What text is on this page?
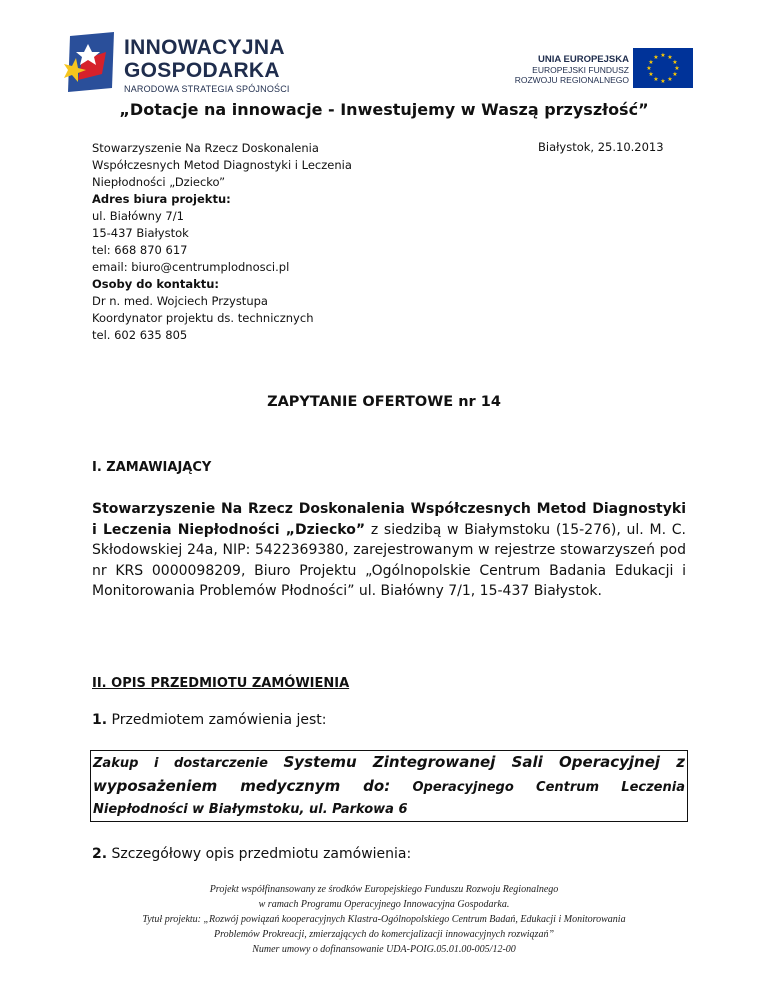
INNOWACYJNA
GOSPODARKA
NARODOWA STRATEGIA SPÓJNOŚCI
UNIA EUROPEJSKA
EUROPEJSKI FUNDUSZ
ROZWOJU REGIONALNEGO
★ ★
★
★
★
★
★
★
★
★
★
★
„Dotacje na innowacje - Inwestujemy w Waszą przyszłość”
Stowarzyszenie Na Rzecz Doskonalenia
Współczesnych Metod Diagnostyki i Leczenia
Niepłodności „Dziecko”
Adres biura projektu:
ul. Białówny 7/1
15-437 Białystok
tel: 668 870 617
email: biuro@centrumplodnosci.pl
Osoby do kontaktu:
Dr n. med. Wojciech Przystupa
Koordynator projektu ds. technicznych
tel. 602 635 805
Białystok, 25.10.2013
ZAPYTANIE OFERTOWE nr 14
I. ZAMAWIAJĄCY
Stowarzyszenie Na Rzecz Doskonalenia Współczesnych Metod Diagnostyki i Leczenia Niepłodności „Dziecko” z siedzibą w Białymstoku (15-276), ul. M. C. Skłodowskiej 24a, NIP: 5422369380, zarejestrowanym w rejestrze stowarzyszeń pod nr KRS 0000098209, Biuro Projektu „Ogólnopolskie Centrum Badania Edukacji i Monitorowania Problemów Płodności” ul. Białówny 7/1, 15-437 Białystok.
II. OPIS PRZEDMIOTU ZAMÓWIENIA
1. Przedmiotem zamówienia jest:
Zakup i dostarczenie Systemu Zintegrowanej Sali Operacyjnej z wyposażeniem medycznym do: Operacyjnego Centrum Leczenia Niepłodności w Białymstoku, ul. Parkowa 6
2. Szczegółowy opis przedmiotu zamówienia:
Projekt współfinansowany ze środków Europejskiego Funduszu Rozwoju Regionalnego
w ramach Programu Operacyjnego Innowacyjna Gospodarka.
Tytuł projektu: „Rozwój powiązań kooperacyjnych Klastra-Ogólnopolskiego Centrum Badań, Edukacji i Monitorowania
Problemów Prokreacji, zmierzających do komercjalizacji innowacyjnych rozwiązań”
Numer umowy o dofinansowanie UDA-POIG.05.01.00-005/12-00
